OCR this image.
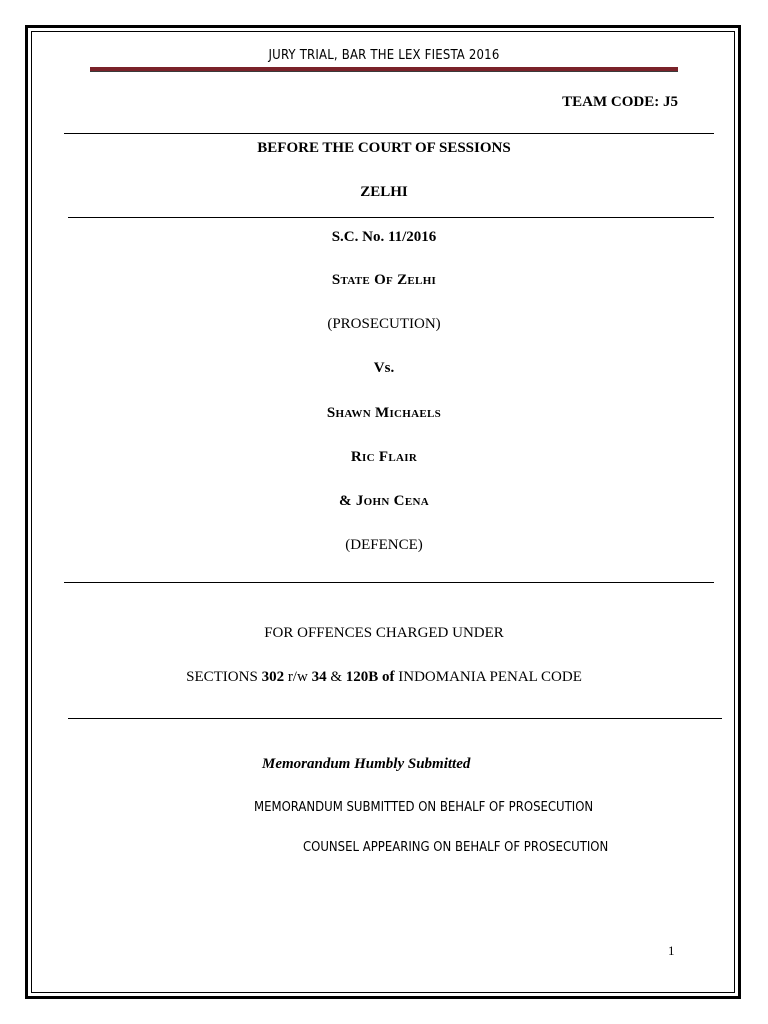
JURY TRIAL, BAR THE LEX FIESTA 2016

TEAM CODE: J5

BEFORE THE COURT OF SESSIONS

ZELHI

S.C. No. 11/2016

State Of Zelhi

(PROSECUTION)

Vs.

Shawn Michaels

Ric Flair

& John Cena

(DEFENCE)

FOR OFFENCES CHARGED UNDER

SECTIONS 302 r/w 34 & 120B of INDOMANIA PENAL CODE

Memorandum Humbly Submitted

MEMORANDUM SUBMITTED ON BEHALF OF PROSECUTION

COUNSEL APPEARING ON BEHALF OF PROSECUTION

1
